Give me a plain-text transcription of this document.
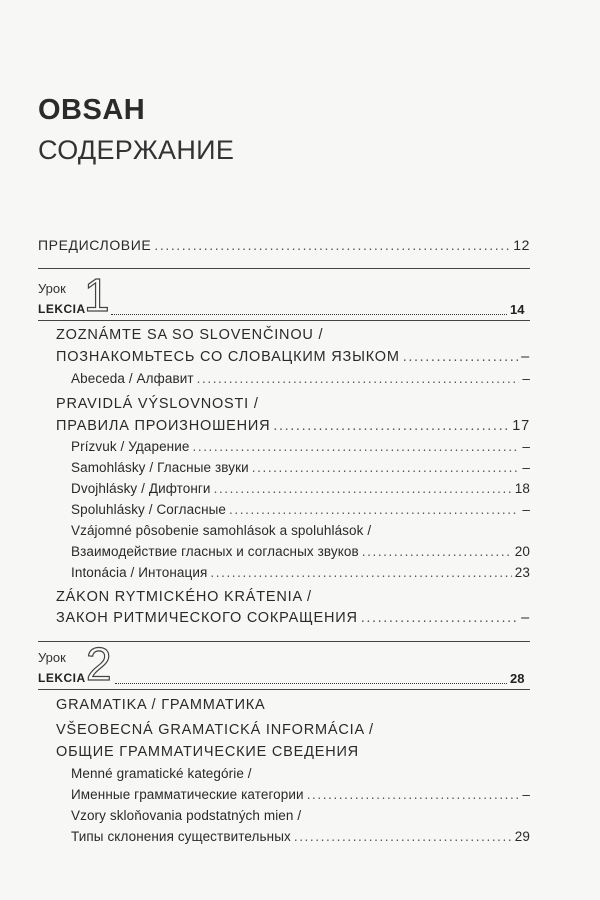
OBSAH
СОДЕРЖАНИЕ
ПРЕДИСЛОВИЕ .....	12
Урок
LEKCIA
1	14
ZOZNÁMTE SA SO SLOVENČINOU /
ПОЗНАКОМЬТЕСЬ СО СЛОВАЦКИМ ЯЗЫКОМ .....	–
Abeceda / Алфавит .....	–
PRAVIDLÁ VÝSLOVNOSTI /
ПРАВИЛА ПРОИЗНОШЕНИЯ .....	17
Prízvuk / Ударение .....	–
Samohlásky / Гласные звуки .....	–
Dvojhlásky / Дифтонги .....	18
Spoluhlásky / Согласные .....	–
Vzájomné pôsobenie samohlások a spoluhlások /
Взаимодействие гласных и согласных звуков .....	20
Intonácia / Интонация .....	23
ZÁKON RYTMICKÉHO KRÁTENIA /
ЗАКОН РИТМИЧЕСКОГО СОКРАЩЕНИЯ .....	–
Урок
LEKCIA 2	28
GRAMATIKA / ГРАММАТИКА
VŠEOBECNÁ GRAMATICKÁ INFORMÁCIA /
ОБЩИЕ ГРАММАТИЧЕСКИЕ СВЕДЕНИЯ
Menné gramatické kategórie /
Именные грамматические категории .....	–
Vzory skloňovania podstatných mien /
Типы склонения существительных .....	29
